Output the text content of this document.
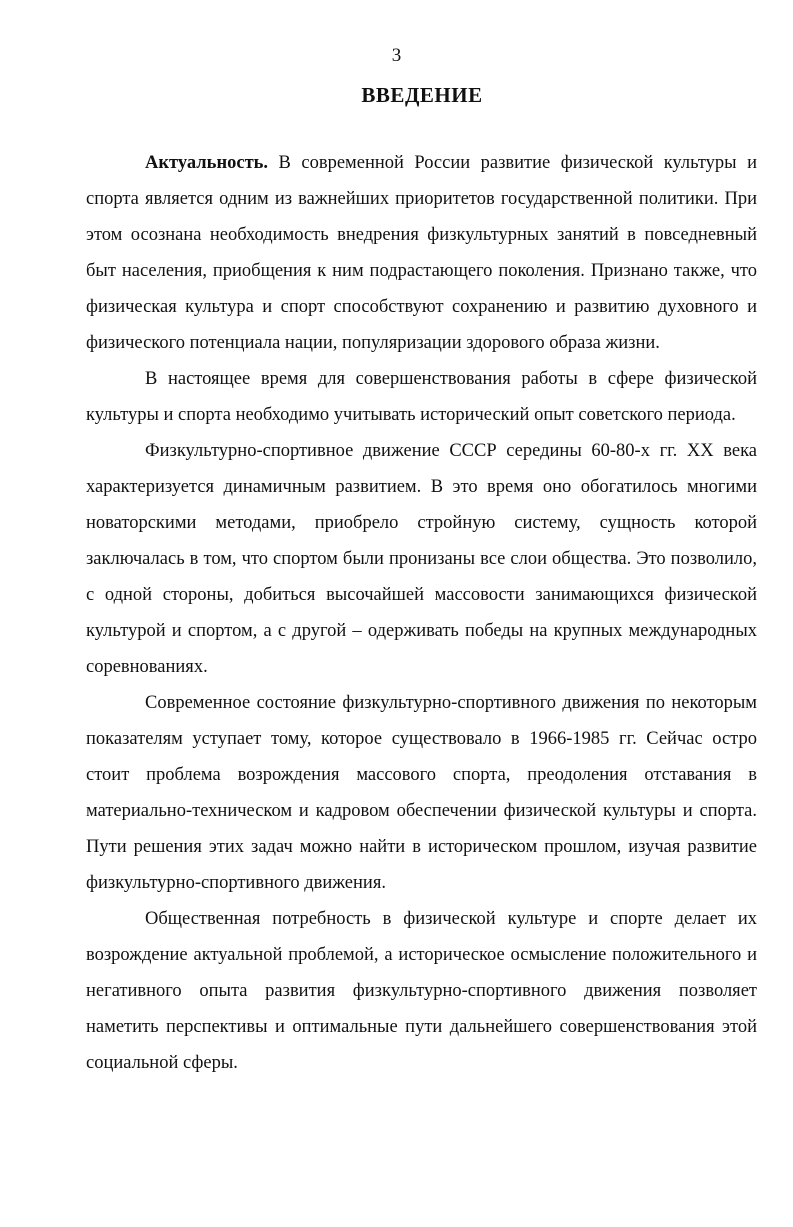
3
ВВЕДЕНИЕ

Актуальность. В современной России развитие физической культуры и спорта является одним из важнейших приоритетов государственной политики. При этом осознана необходимость внедрения физкультурных занятий в повседневный быт населения, приобщения к ним подрастающего поколения. Признано также, что физическая культура и спорт способствуют сохранению и развитию духовного и физического потенциала нации, популяризации здорового образа жизни.

В настоящее время для совершенствования работы в сфере физической культуры и спорта необходимо учитывать исторический опыт советского периода.

Физкультурно-спортивное движение СССР середины 60-80-х гг. XX века характеризуется динамичным развитием. В это время оно обогатилось многими новаторскими методами, приобрело стройную систему, сущность которой заключалась в том, что спортом были пронизаны все слои общества. Это позволило, с одной стороны, добиться высочайшей массовости занимающихся физической культурой и спортом, а с другой – одерживать победы на крупных международных соревнованиях.

Современное состояние физкультурно-спортивного движения по некоторым показателям уступает тому, которое существовало в 1966-1985 гг. Сейчас остро стоит проблема возрождения массового спорта, преодоления отставания в материально-техническом и кадровом обеспечении физической культуры и спорта. Пути решения этих задач можно найти в историческом прошлом, изучая развитие физкультурно-спортивного движения.

Общественная потребность в физической культуре и спорте делает их возрождение актуальной проблемой, а историческое осмысление положительного и негативного опыта развития физкультурно-спортивного движения позволяет наметить перспективы и оптимальные пути дальнейшего совершенствования этой социальной сферы.
